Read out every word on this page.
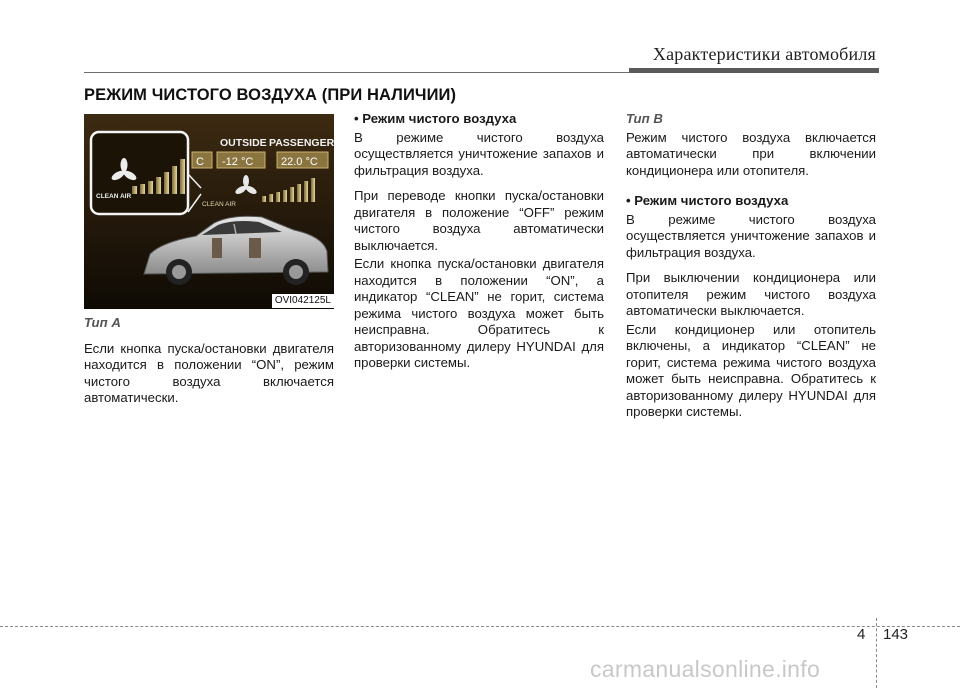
Характеристики автомобиля
РЕЖИМ ЧИСТОГО ВОЗДУХА (ПРИ НАЛИЧИИ)
OUTSIDE PASSENGER
C -12 °C	22.0 °C
CLEAN AIR
CLEAN AIR
OVI042125L

Тип A

Если кнопка пуска/остановки двигателя находится в положении “ON”, режим чистого воздуха включается автоматически.

• Режим чистого воздуха

В режиме чистого воздуха осуществляется уничтожение запахов и фильтрация воздуха.

При переводе кнопки пуска/остановки двигателя в положение “OFF” режим чистого воздуха автоматически выключается.

Если кнопка пуска/остановки двигателя находится в положении “ON”, а индикатор “CLEAN” не горит, система режима чистого воздуха может быть неисправна. Обратитесь к авторизованному дилеру HYUNDAI для проверки системы.

Тип B

Режим чистого воздуха включается автоматически при включении кондиционера или отопителя.

• Режим чистого воздуха

В режиме чистого воздуха осуществляется уничтожение запахов и фильтрация воздуха.

При выключении кондиционера или отопителя режим чистого воздуха автоматически выключается.

Если кондиционер или отопитель включены, а индикатор “CLEAN” не горит, система режима чистого воздуха может быть неисправна. Обратитесь к авторизованному дилеру HYUNDAI для проверки системы.

4 143
carmanualsonline.info
